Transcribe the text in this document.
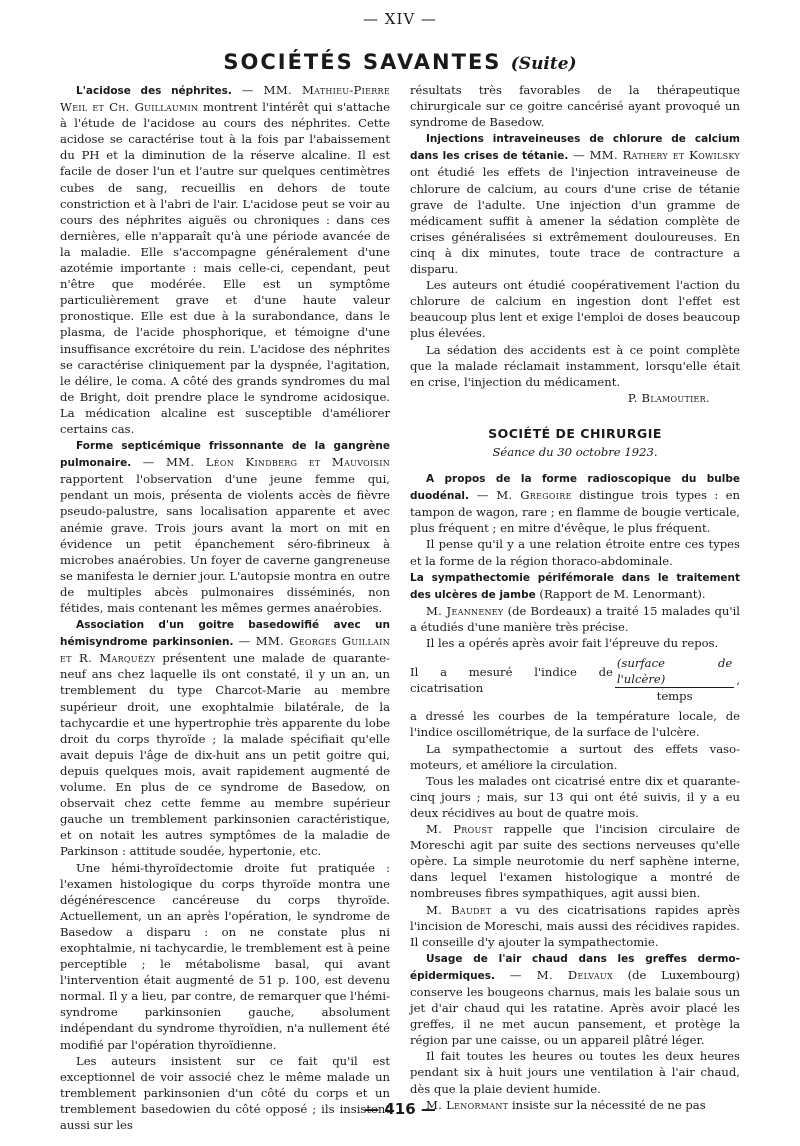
— XIV —
SOCIÉTÉS SAVANTES (Suite)

L'acidose des néphrites. — MM. Mathieu-Pierre Weil et Ch. Guillaumin montrent l'intérêt qui s'attache à l'étude de l'acidose au cours des néphrites. Cette acidose se caractérise tout à la fois par l'abaissement du PH et la diminution de la réserve alcaline. Il est facile de doser l'un et l'autre sur quelques centimètres cubes de sang, recueillis en dehors de toute constriction et à l'abri de l'air. L'acidose peut se voir au cours des néphrites aiguës ou chroniques : dans ces dernières, elle n'apparaît qu'à une période avancée de la maladie. Elle s'accompagne généralement d'une azotémie importante : mais celle-ci, cependant, peut n'être que modérée. Elle est un symptôme particulièrement grave et d'une haute valeur pronostique. Elle est due à la surabondance, dans le plasma, de l'acide phosphorique, et témoigne d'une insuffisance excrétoire du rein. L'acidose des néphrites se caractérise cliniquement par la dyspnée, l'agitation, le délire, le coma. A côté des grands syndromes du mal de Bright, doit prendre place le syndrome acidosique. La médication alcaline est susceptible d'améliorer certains cas.

Forme septicémique frissonnante de la gangrène pulmonaire. — MM. Léon Kindberg et Mauvoisin rapportent l'observation d'une jeune femme qui, pendant un mois, présenta de violents accès de fièvre pseudo-palustre, sans localisation apparente et avec anémie grave. Trois jours avant la mort on mit en évidence un petit épanchement séro-fibrineux à microbes anaérobies. Un foyer de caverne gangreneuse se manifesta le dernier jour. L'autopsie montra en outre de multiples abcès pulmonaires disséminés, non fétides, mais contenant les mêmes germes anaérobies.

Association d'un goitre basedowifié avec un hémisyndrome parkinsonien. — MM. Georges Guillain et R. Marquézy présentent une malade de quarante-neuf ans chez laquelle ils ont constaté, il y un an, un tremblement du type Charcot-Marie au membre supérieur droit, une exophtalmie bilatérale, de la tachycardie et une hypertrophie très apparente du lobe droit du corps thyroïde ; la malade spécifiait qu'elle avait depuis l'âge de dix-huit ans un petit goitre qui, depuis quelques mois, avait rapidement augmenté de volume. En plus de ce syndrome de Basedow, on observait chez cette femme au membre supérieur gauche un tremblement parkinsonien caractéristique, et on notait les autres symptômes de la maladie de Parkinson : attitude soudée, hypertonie, etc.

Une hémi-thyroïdectomie droite fut pratiquée : l'examen histologique du corps thyroïde montra une dégénérescence cancéreuse du corps thyroïde. Actuellement, un an après l'opération, le syndrome de Basedow a disparu : on ne constate plus ni exophtalmie, ni tachycardie, le tremblement est à peine perceptible ; le métabolisme basal, qui avant l'intervention était augmenté de 51 p. 100, est devenu normal. Il y a lieu, par contre, de remarquer que l'hémi-syndrome parkinsonien gauche, absolument indépendant du syndrome thyroïdien, n'a nullement été modifié par l'opération thyroïdienne.

Les auteurs insistent sur ce fait qu'il est exceptionnel de voir associé chez le même malade un tremblement parkinsonien d'un côté du corps et un tremblement basedowien du côté opposé ; ils insistent aussi sur les

résultats très favorables de la thérapeutique chirurgicale sur ce goitre cancérisé ayant provoqué un syndrome de Basedow.

Injections intraveineuses de chlorure de calcium dans les crises de tétanie. — MM. Rathery et Kowilsky ont étudié les effets de l'injection intraveineuse de chlorure de calcium, au cours d'une crise de tétanie grave de l'adulte. Une injection d'un gramme de médicament suffit à amener la sédation complète de crises généralisées si extrêmement douloureuses. En cinq à dix minutes, toute trace de contracture a disparu.

Les auteurs ont étudié coopérativement l'action du chlorure de calcium en ingestion dont l'effet est beaucoup plus lent et exige l'emploi de doses beaucoup plus élevées.

La sédation des accidents est à ce point complète que la malade réclamait instamment, lorsqu'elle était en crise, l'injection du médicament.

P. Blamoutier.

SOCIÉTÉ DE CHIRURGIE
Séance du 30 octobre 1923.

A propos de la forme radioscopique du bulbe duodénal. — M. Gregoire distingue trois types : en tampon de wagon, rare ; en flamme de bougie verticale, plus fréquent ; en mitre d'évêque, le plus fréquent.

Il pense qu'il y a une relation étroite entre ces types et la forme de la région thoraco-abdominale.

La sympathectomie périfémorale dans le traitement des ulcères de jambe (Rapport de M. Lenormant).

M. Jeanneney (de Bordeaux) a traité 15 malades qu'il a étudiés d'une manière très précise.

Il les a opérés après avoir fait l'épreuve du repos.

Il a mesuré l'indice de cicatrisation	$\frac{\text{(surface de l'ulcère)}}{\text{temps}}$ ,

a dressé les courbes de la température locale, de l'indice oscillométrique, de la surface de l'ulcère.

La sympathectomie a surtout des effets vaso-moteurs, et améliore la circulation.

Tous les malades ont cicatrisé entre dix et quarante-cinq jours ; mais, sur 13 qui ont été suivis, il y a eu deux récidives au bout de quatre mois.

M. Proust rappelle que l'incision circulaire de Moreschi agit par suite des sections nerveuses qu'elle opère. La simple neurotomie du nerf saphène interne, dans lequel l'examen histologique a montré de nombreuses fibres sympathiques, agit aussi bien.

M. Baudet a vu des cicatrisations rapides après l'incision de Moreschi, mais aussi des récidives rapides. Il conseille d'y ajouter la sympathectomie.

Usage de l'air chaud dans les greffes dermo-épidermiques. — M. Delvaux (de Luxembourg) conserve les bougeons charnus, mais les balaie sous un jet d'air chaud qui les ratatine. Après avoir placé les greffes, il ne met aucun pansement, et protège la région par une caisse, ou un appareil plâtré léger.

Il fait toutes les heures ou toutes les deux heures pendant six à huit jours une ventilation à l'air chaud, dès que la plaie devient humide.

M. Lenormant insiste sur la nécessité de ne pas

— 416 —
